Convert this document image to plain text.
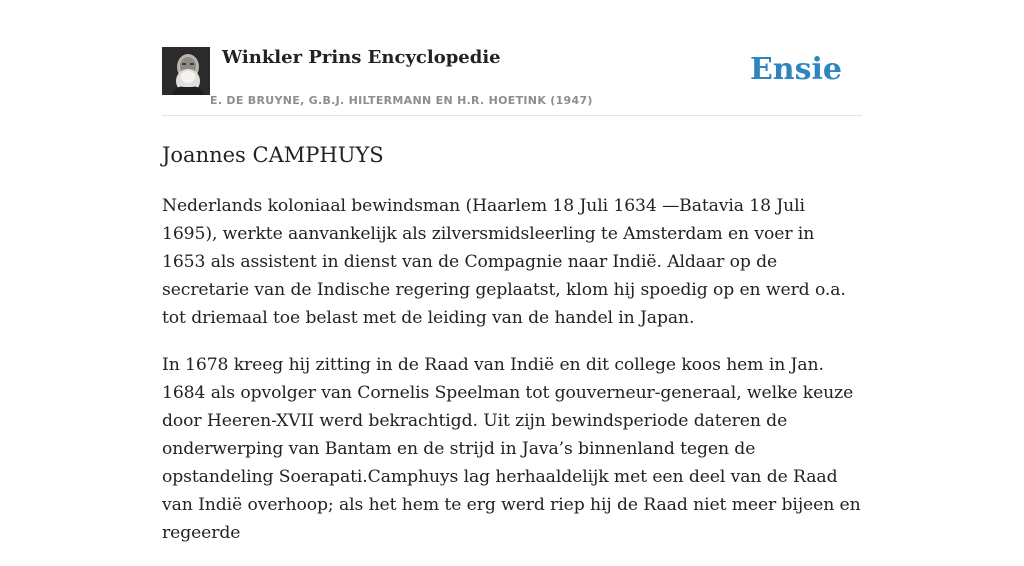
Winkler Prins Encyclopedie
E. DE BRUYNE, G.B.J. HILTERMANN EN H.R. HOETINK (1947)
Ensie
Joannes CAMPHUYS

Nederlands koloniaal bewindsman (Haarlem 18 Juli 1634 —Batavia 18 Juli 1695), werkte aanvankelijk als zilversmidsleerling te Amsterdam en voer in 1653 als assistent in dienst van de Compagnie naar Indië. Aldaar op de secretarie van de Indische regering geplaatst, klom hij spoedig op en werd o.a. tot driemaal toe belast met de leiding van de handel in Japan.

In 1678 kreeg hij zitting in de Raad van Indië en dit college koos hem in Jan. 1684 als opvolger van Cornelis Speelman tot gouverneur-generaal, welke keuze door Heeren-XVII werd bekrachtigd. Uit zijn bewindsperiode dateren de onderwerping van Bantam en de strijd in Java’s binnenland tegen de opstandeling Soerapati.Camphuys lag herhaaldelijk met een deel van de Raad van Indië overhoop; als het hem te erg werd riep hij de Raad niet meer bijeen en regeerde
